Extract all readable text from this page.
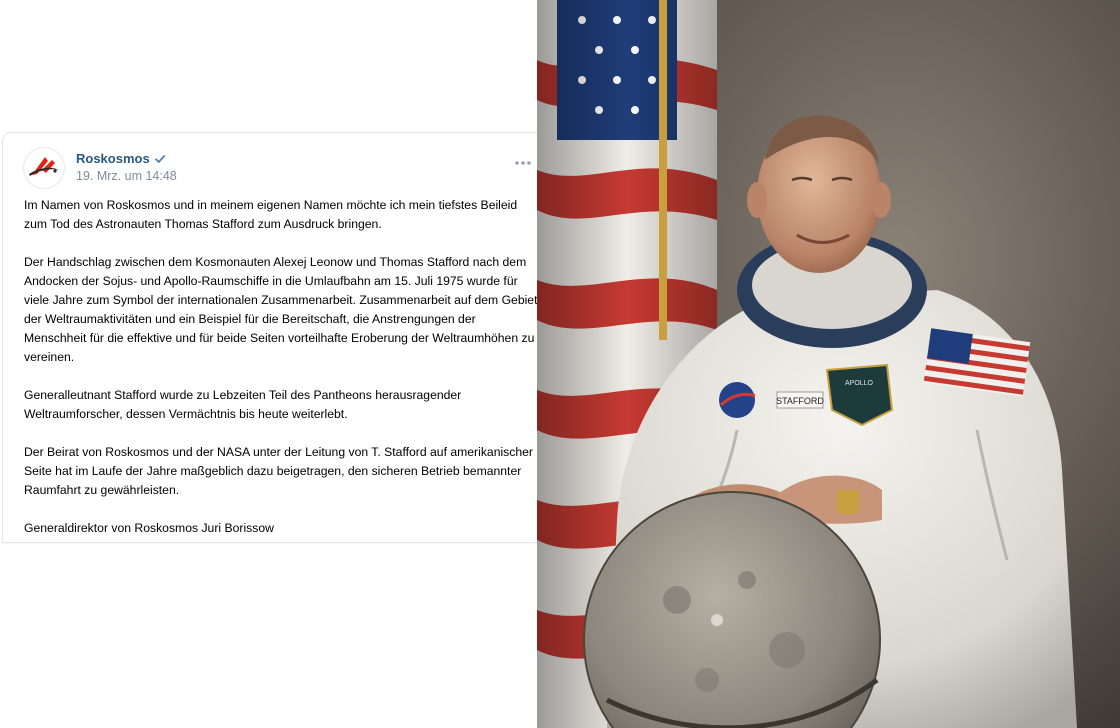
Roskosmos
19. Mrz. um 14:48

Im Namen von Roskosmos und in meinem eigenen Namen möchte ich mein tiefstes Beileid zum Tod des Astronauten Thomas Stafford zum Ausdruck bringen.

Der Handschlag zwischen dem Kosmonauten Alexej Leonow und Thomas Stafford nach dem Andocken der Sojus- und Apollo-Raumschiffe in die Umlaufbahn am 15. Juli 1975 wurde für viele Jahre zum Symbol der internationalen Zusammenarbeit. Zusammenarbeit auf dem Gebiet der Weltraumaktivitäten und ein Beispiel für die Bereitschaft, die Anstrengungen der Menschheit für die effektive und für beide Seiten vorteilhafte Eroberung der Weltraumhöhen zu vereinen.

Generalleutnant Stafford wurde zu Lebzeiten Teil des Pantheons herausragender Weltraumforscher, dessen Vermächtnis bis heute weiterlebt.

Der Beirat von Roskosmos und der NASA unter der Leitung von T. Stafford auf amerikanischer Seite hat im Laufe der Jahre maßgeblich dazu beigetragen, den sicheren Betrieb bemannter Raumfahrt zu gewährleisten.

Generaldirektor von Roskosmos Juri Borissow

STAFFORD
APOLLO
